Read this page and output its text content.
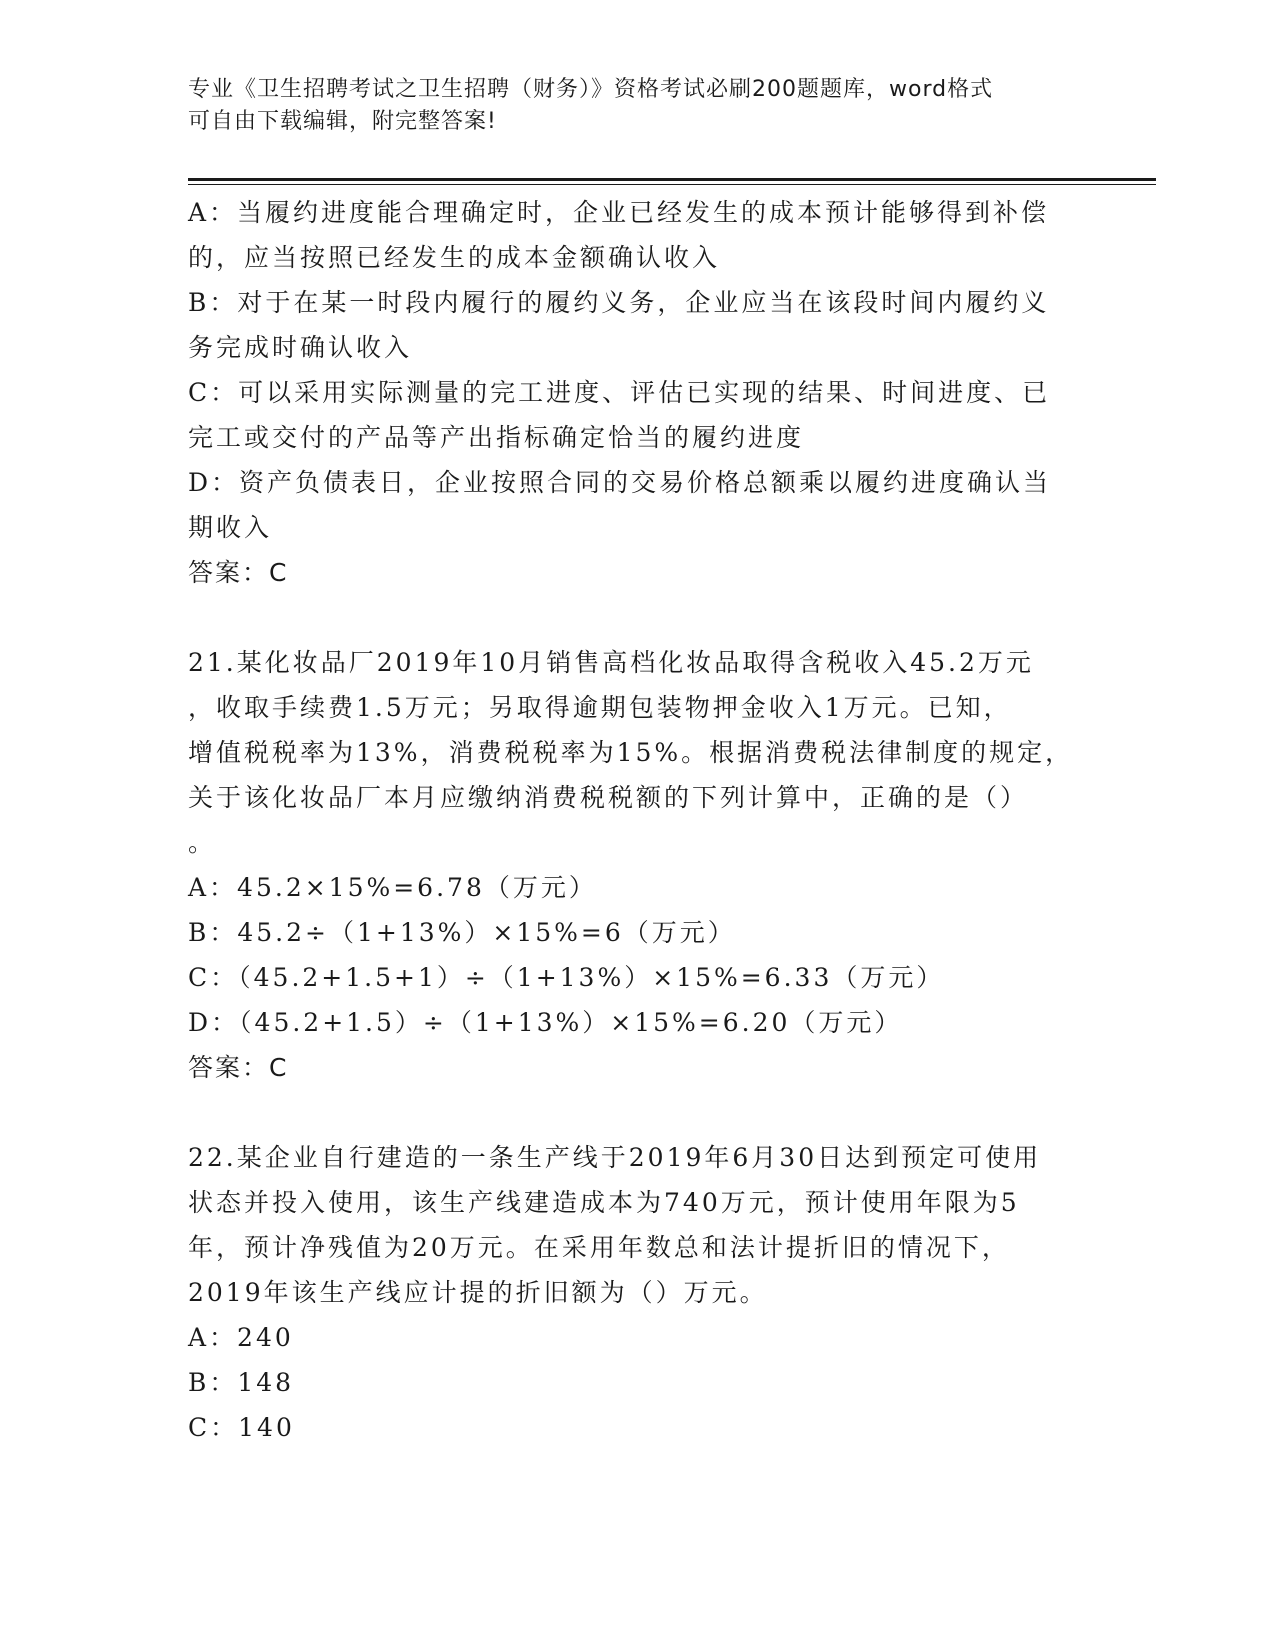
专业《卫生招聘考试之卫生招聘（财务）》资格考试必刷200题题库，word格式
可自由下载编辑，附完整答案!
A：当履约进度能合理确定时，企业已经发生的成本预计能够得到补偿
的，应当按照已经发生的成本金额确认收入
B：对于在某一时段内履行的履约义务，企业应当在该段时间内履约义
务完成时确认收入
C：可以采用实际测量的完工进度、评估已实现的结果、时间进度、已
完工或交付的产品等产出指标确定恰当的履约进度
D：资产负债表日，企业按照合同的交易价格总额乘以履约进度确认当
期收入
答案：C
21.某化妆品厂2019年10月销售高档化妆品取得含税收入45.2万元
，收取手续费1.5万元；另取得逾期包装物押金收入1万元。已知，
增值税税率为13%，消费税税率为15%。根据消费税法律制度的规定，
关于该化妆品厂本月应缴纳消费税税额的下列计算中，正确的是（）
。
A：45.2×15%=6.78（万元）
B：45.2÷（1+13%）×15%=6（万元）
C：（45.2+1.5+1）÷（1+13%）×15%=6.33（万元）
D：（45.2+1.5）÷（1+13%）×15%=6.20（万元）
答案：C
22.某企业自行建造的一条生产线于2019年6月30日达到预定可使用
状态并投入使用，该生产线建造成本为740万元，预计使用年限为5
年，预计净残值为20万元。在采用年数总和法计提折旧的情况下，
2019年该生产线应计提的折旧额为（）万元。
A：240
B：148
C：140
